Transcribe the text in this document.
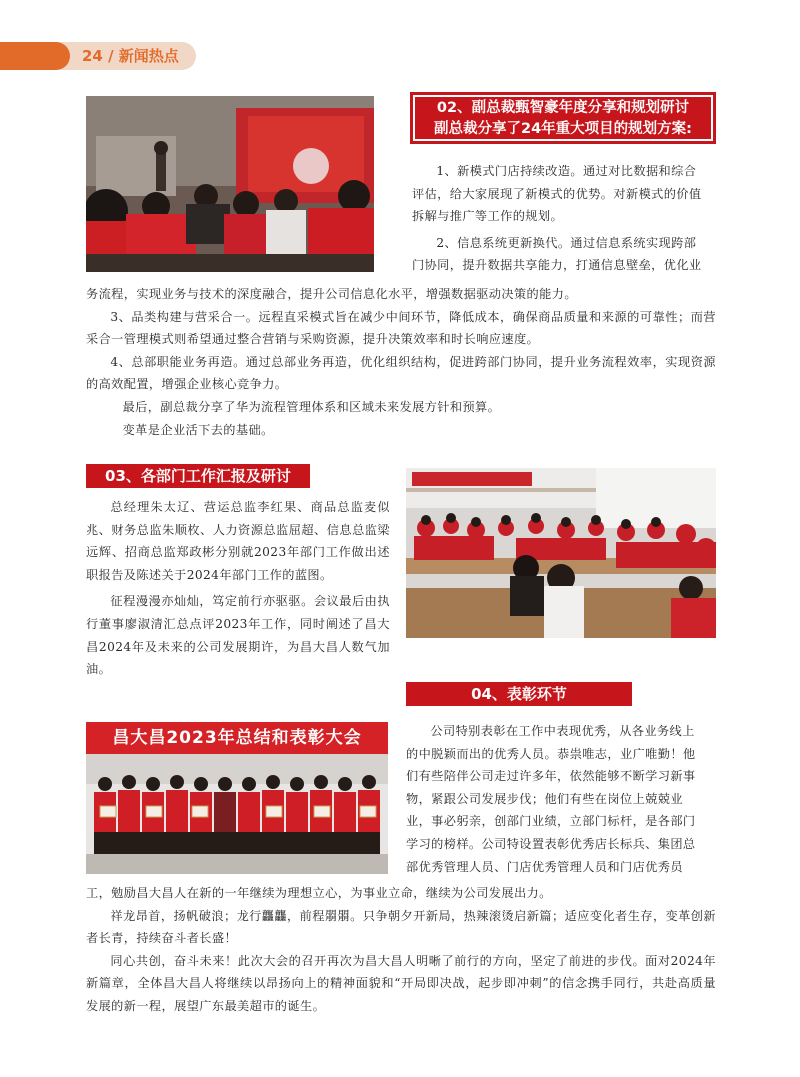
24 / 新闻热点
02、副总裁甄智豪年度分享和规划研讨
副总裁分享了24年重大项目的规划方案:
1、新模式门店持续改造。通过对比数据和综合
评估，给大家展现了新模式的优势。对新模式的价值
拆解与推广等工作的规划。
2、信息系统更新换代。通过信息系统实现跨部
门协同，提升数据共享能力，打通信息壁垒，优化业
务流程，实现业务与技术的深度融合，提升公司信息化水平，增强数据驱动决策的能力。
3、品类构建与营采合一。远程直采模式旨在减少中间环节，降低成本，确保商品质量和来源的可靠性；而营采合一管理模式则希望通过整合营销与采购资源，提升决策效率和时长响应速度。
4、总部职能业务再造。通过总部业务再造，优化组织结构，促进跨部门协同，提升业务流程效率，实现资源的高效配置，增强企业核心竞争力。
最后，副总裁分享了华为流程管理体系和区域未来发展方针和预算。
变革是企业活下去的基础。
03、各部门工作汇报及研讨
总经理朱太辽、营运总监李红果、商品总监麦似兆、财务总监朱顺枚、人力资源总监屈超、信息总监梁远辉、招商总监郑政彬分别就2023年部门工作做出述职报告及陈述关于2024年部门工作的蓝图。
征程漫漫亦灿灿，笃定前行亦驱驱。会议最后由执行董事廖淑清汇总点评2023年工作，同时阐述了昌大昌2024年及未来的公司发展期许，为昌大昌人数气加油。
04、表彰环节
昌大昌2023年总结和表彰大会	公司特别表彰在工作中表现优秀，从各业务线上
的中脱颖而出的优秀人员。恭祟唯志，业广唯勤！他
们有些陪伴公司走过许多年，依然能够不断学习新事
物，紧跟公司发展步伐；他们有些在岗位上兢兢业
业，事必躬亲，创部门业绩，立部门标杆，是各部门
学习的榜样。公司特设置表彰优秀店长标兵、集团总
部优秀管理人员、门店优秀管理人员和门店优秀员
工，勉励昌大昌人在新的一年继续为理想立心，为事业立命，继续为公司发展出力。
祥龙昂首，扬帆破浪；龙行龘龘，前程朤朤。只争朝夕开新局，热辣滚烫启新篇；适应变化者生存，变革创新者长青，持续奋斗者长盛！
同心共创，奋斗未来！此次大会的召开再次为昌大昌人明晰了前行的方向，坚定了前进的步伐。面对2024年新篇章，全体昌大昌人将继续以昂扬向上的精神面貌和“开局即决战，起步即冲刺”的信念携手同行，共赴高质量发展的新一程，展望广东最美超市的诞生。
